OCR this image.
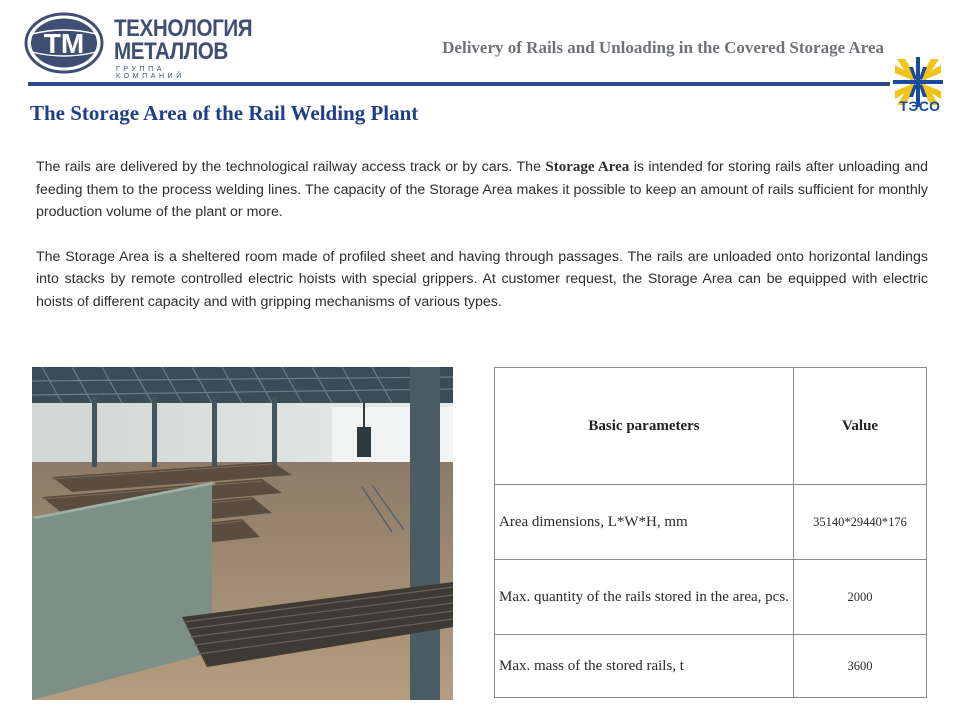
TM ТЕХНОЛОГИЯ
МЕТАЛЛОВ
ГРУППА КОМПАНИЙ
Delivery of Rails and Unloading in the Covered Storage Area
ТЭСО
The Storage Area of the Rail Welding Plant

The rails are delivered by the technological railway access track or by cars. The Storage Area is intended for storing rails after unloading and feeding them to the process welding lines. The capacity of the Storage Area makes it possible to keep an amount of rails sufficient for monthly production volume of the plant or more.

The Storage Area is a sheltered room made of profiled sheet and having through passages. The rails are unloaded onto horizontal landings into stacks by remote controlled electric hoists with special grippers. At customer request, the Storage Area can be equipped with electric hoists of different capacity and with gripping mechanisms of various types.

Basic parameters	Value
Area dimensions, L*W*H, mm	35140*29440*176
Max. quantity of the rails stored in the area, pcs.	2000
Max. mass of the stored rails, t	3600
